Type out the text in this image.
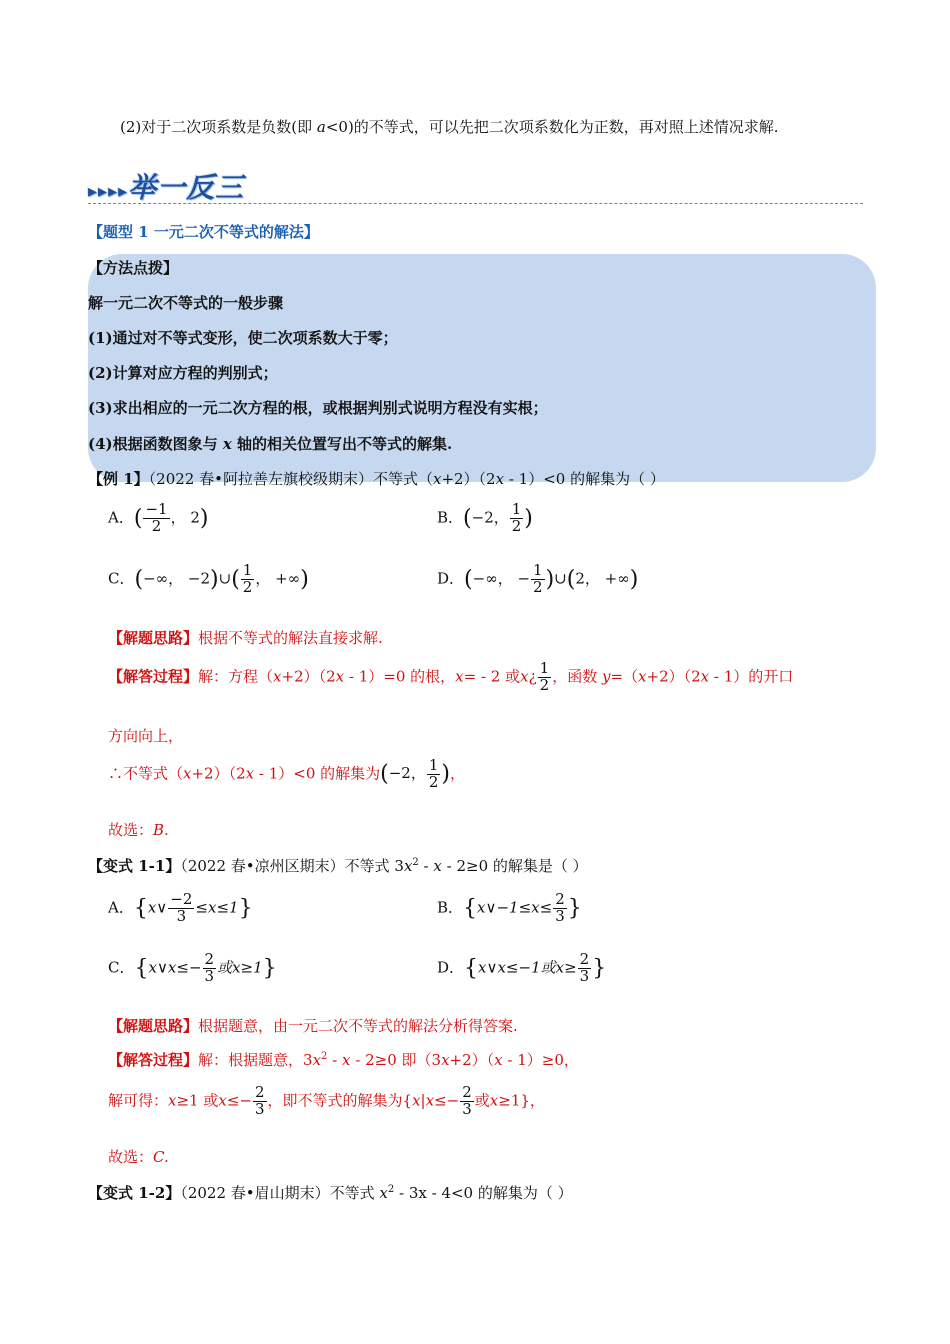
(2)对于二次项系数是负数(即 a<0)的不等式，可以先把二次项系数化为正数，再对照上述情况求解.
▸▸▸▸举一反三
【题型 1 一元二次不等式的解法】
【方法点拨】
解一元二次不等式的一般步骤
(1)通过对不等式变形，使二次项系数大于零；
(2)计算对应方程的判别式；
(3)求出相应的一元二次方程的根，或根据判别式说明方程没有实根；
(4)根据函数图象与 x 轴的相关位置写出不等式的解集.
【例 1】（2022 春•阿拉善左旗校级期末）不等式（x+2）（2x - 1）<0 的解集为（ ）
A．( $\frac{-1}{2}$ ， 2)	B．(−2， $\frac{1}{2}$ )
C．(−∞， −2)∪( $\frac{1}{2}$ ， +∞)	D．(−∞， − $\frac{1}{2}$ )∪(2， +∞)
【解题思路】根据不等式的解法直接求解.
【解答过程】解：方程（x+2）（2x - 1）=0 的根，x= - 2 或x¿ $\frac{1}{2}$ ，函数 y=（x+2）（2x - 1）的开口
方向向上，
∴不等式（x+2）（2x - 1）<0 的解集为(−2， $\frac{1}{2}$ )，
故选：B.
【变式 1-1】（2022 春•凉州区期末）不等式 $3x^2 - x - 2\ge 0$ 的解集是（ ）
A．{x∨ $\frac{-2}{3} \le x\le 1$}	B．{x∨−1≤x≤ $\frac{2}{3}$ }
C．{x∨x≤− $\frac{2}{3}$ 或x≥1}	D．{x∨x≤−1或$x\ge \frac{2}{3}$ }
【解题思路】根据题意，由一元二次不等式的解法分析得答案.
【解答过程】解：根据题意，$3x^2 - x - 2\ge 0$ 即（3x+2）（x - 1）≥0，
解可得：x≥1 或$x\le- \frac{2}{3}$ ，即不等式的解集为{$x|x\le- \frac{2}{3}$ 或x≥1}，
故选：C.
【变式 1-2】（2022 春•眉山期末）不等式 $x^2 - 3x - 4<0$ 的解集为（ ）
